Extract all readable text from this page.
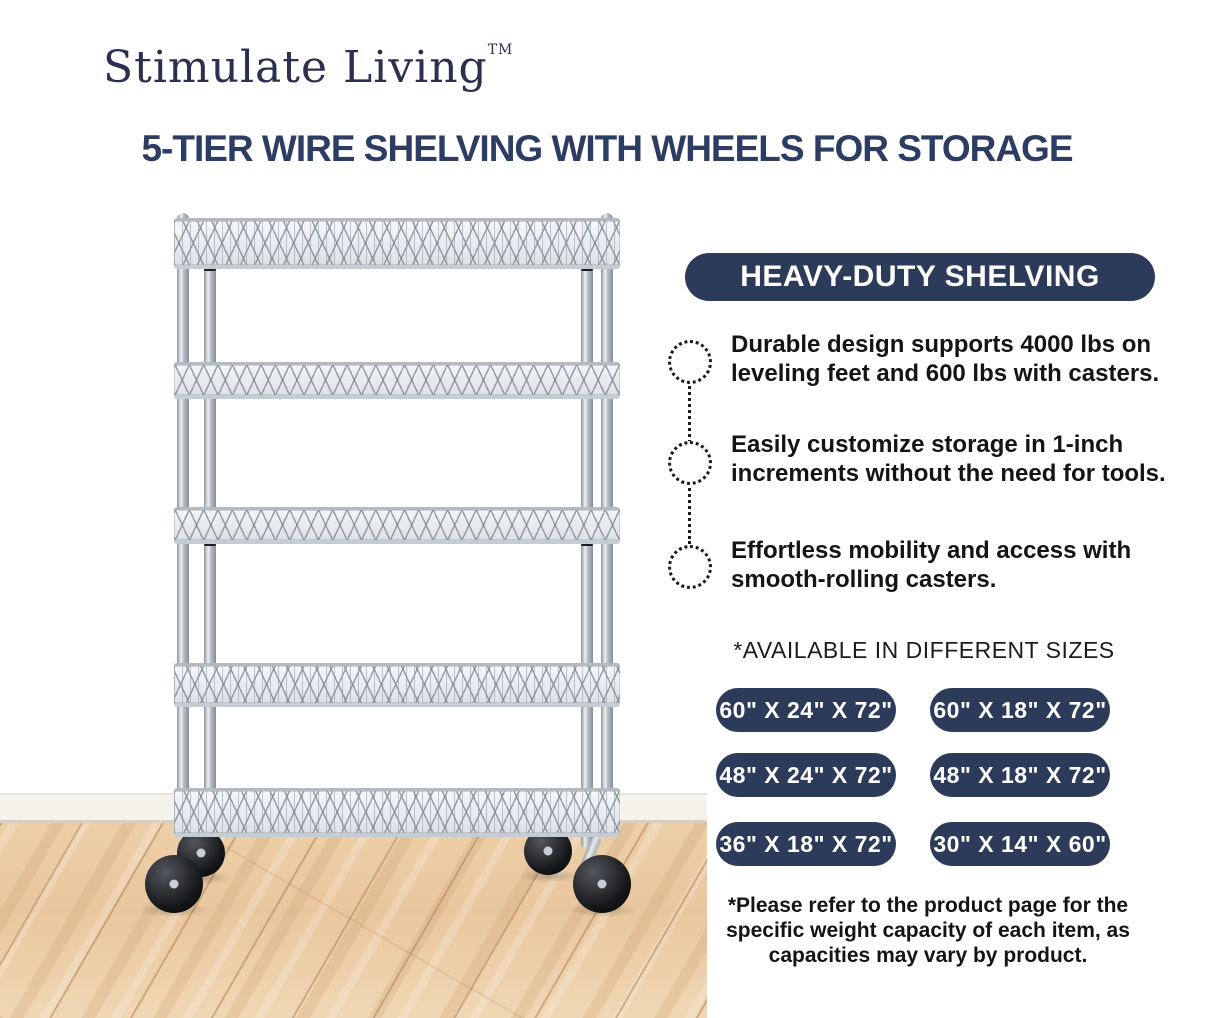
Stimulate Living™
5-TIER WIRE SHELVING WITH WHEELS FOR STORAGE
HEAVY-DUTY SHELVING
Durable design supports 4000 lbs on leveling feet and 600 lbs with casters.
Easily customize storage in 1-inch increments without the need for tools.
Effortless mobility and access with smooth-rolling casters.
*AVAILABLE IN DIFFERENT SIZES
60" X 24" X 72" 60" X 18" X 72"
48" X 24" X 72" 48" X 18" X 72"
36" X 18" X 72" 30" X 14" X 60"
*Please refer to the product page for the specific weight capacity of each item, as capacities may vary by product.
